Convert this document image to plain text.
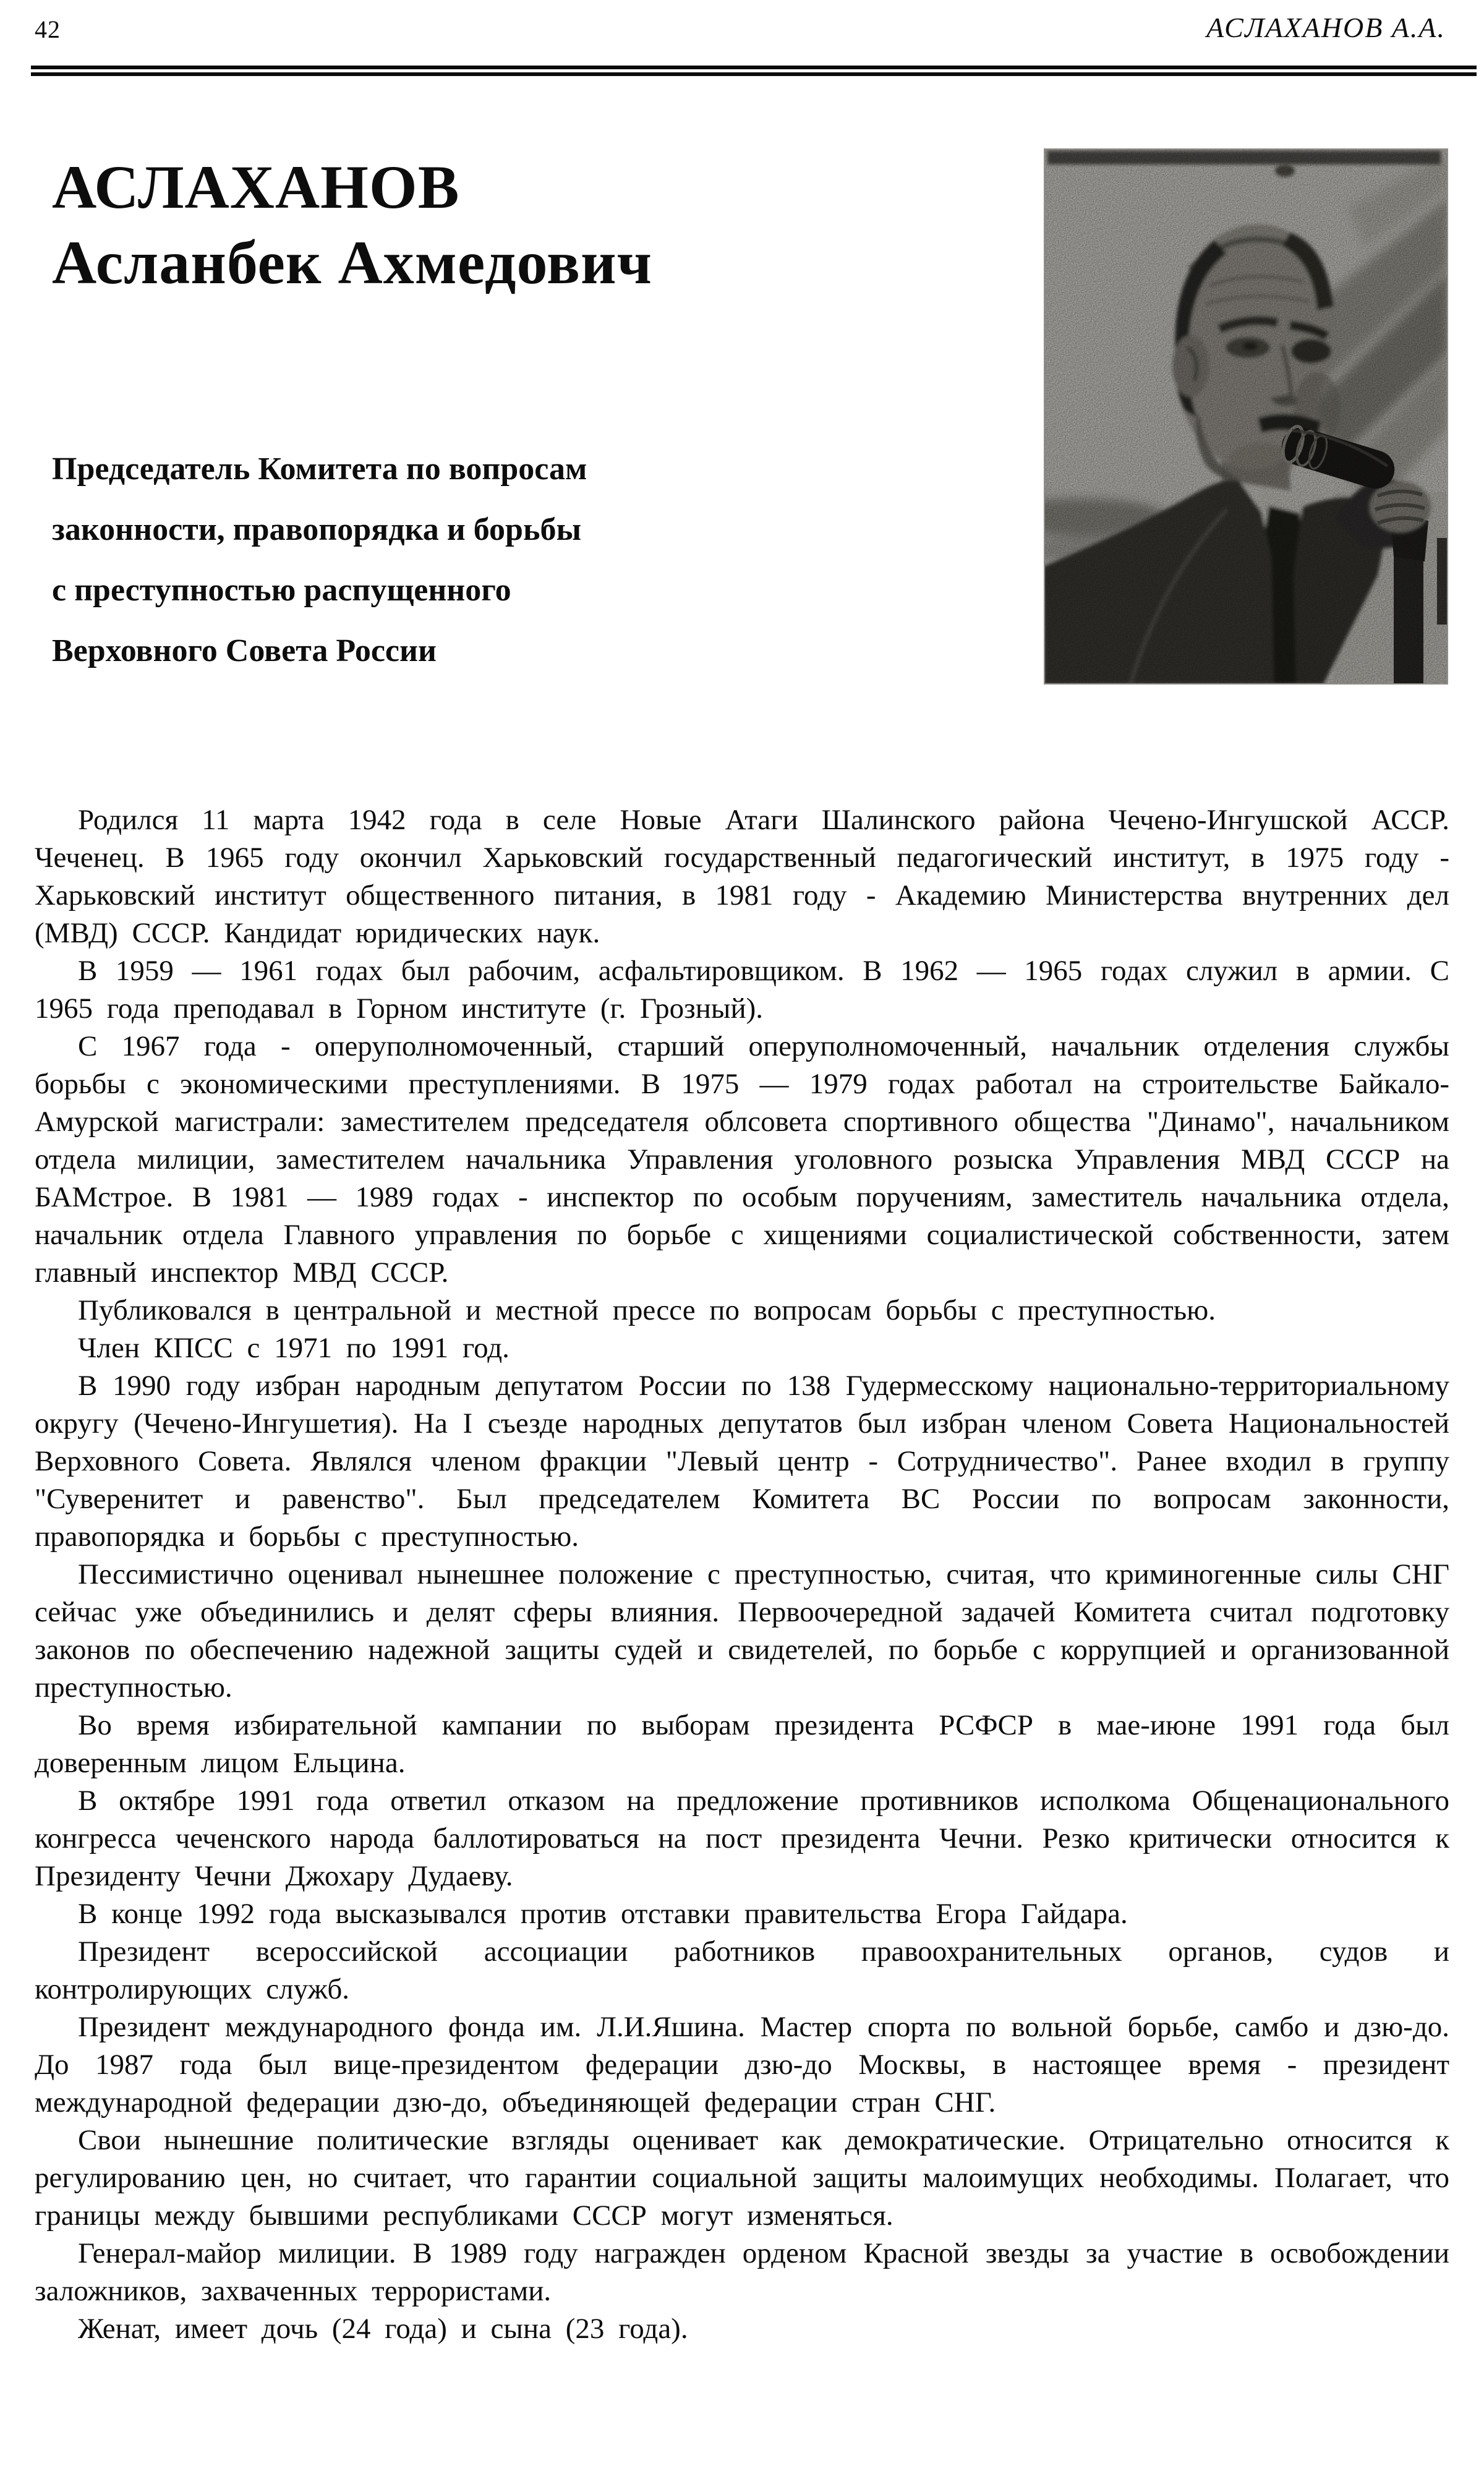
42	АСЛАХАНОВ А.А.
АСЛАХАНОВ
Асланбек Ахмедович
Председатель Комитета по вопросам
законности, правопорядка и борьбы
с преступностью распущенного
Верховного Совета России

Родился 11 марта 1942 года в селе Новые Атаги Шалинского района Чечено-Ингушской АССР. Чеченец. В 1965 году окончил Харьковский государственный педагогический институт, в 1975 году - Харьковский институт общественного питания, в 1981 году - Академию Министерства внутренних дел (МВД) СССР. Кандидат юридических наук.

В 1959 — 1961 годах был рабочим, асфальтировщиком. В 1962 — 1965 годах служил в армии. С 1965 года преподавал в Горном институте (г. Грозный).

С 1967 года - оперуполномоченный, старший оперуполномоченный, начальник отделения службы борьбы с экономическими преступлениями. В 1975 — 1979 годах работал на строительстве Байкало-Амурской магистрали: заместителем председателя облсовета спортивного общества "Динамо", начальником отдела милиции, заместителем начальника Управления уголовного розыска Управления МВД СССР на БАМстрое. В 1981 — 1989 годах - инспектор по особым поручениям, заместитель начальника отдела, начальник отдела Главного управления по борьбе с хищениями социалистической собственности, затем главный инспектор МВД СССР.

Публиковался в центральной и местной прессе по вопросам борьбы с преступностью.

Член КПСС с 1971 по 1991 год.

В 1990 году избран народным депутатом России по 138 Гудермесскому национально-территориальному округу (Чечено-Ингушетия). На I съезде народных депутатов был избран членом Совета Национальностей Верховного Совета. Являлся членом фракции "Левый центр - Сотрудничество". Ранее входил в группу "Суверенитет и равенство". Был председателем Комитета ВС России по вопросам законности, правопорядка и борьбы с преступностью.

Пессимистично оценивал нынешнее положение с преступностью, считая, что криминогенные силы СНГ сейчас уже объединились и делят сферы влияния. Первоочередной задачей Комитета считал подготовку законов по обеспечению надежной защиты судей и свидетелей, по борьбе с коррупцией и организованной преступностью.

Во время избирательной кампании по выборам президента РСФСР в мае-июне 1991 года был доверенным лицом Ельцина.

В октябре 1991 года ответил отказом на предложение противников исполкома Общенационального конгресса чеченского народа баллотироваться на пост президента Чечни. Резко критически относится к Президенту Чечни Джохару Дудаеву.

В конце 1992 года высказывался против отставки правительства Егора Гайдара.

Президент всероссийской ассоциации работников правоохранительных органов, судов и контролирующих служб.

Президент международного фонда им. Л.И.Яшина. Мастер спорта по вольной борьбе, самбо и дзю-до. До 1987 года был вице-президентом федерации дзю-до Москвы, в настоящее время - президент международной федерации дзю-до, объединяющей федерации стран СНГ.

Свои нынешние политические взгляды оценивает как демократические. Отрицательно относится к регулированию цен, но считает, что гарантии социальной защиты малоимущих необходимы. Полагает, что границы между бывшими республиками СССР могут изменяться.

Генерал-майор милиции. В 1989 году награжден орденом Красной звезды за участие в освобождении заложников, захваченных террористами.

Женат, имеет дочь (24 года) и сына (23 года).
